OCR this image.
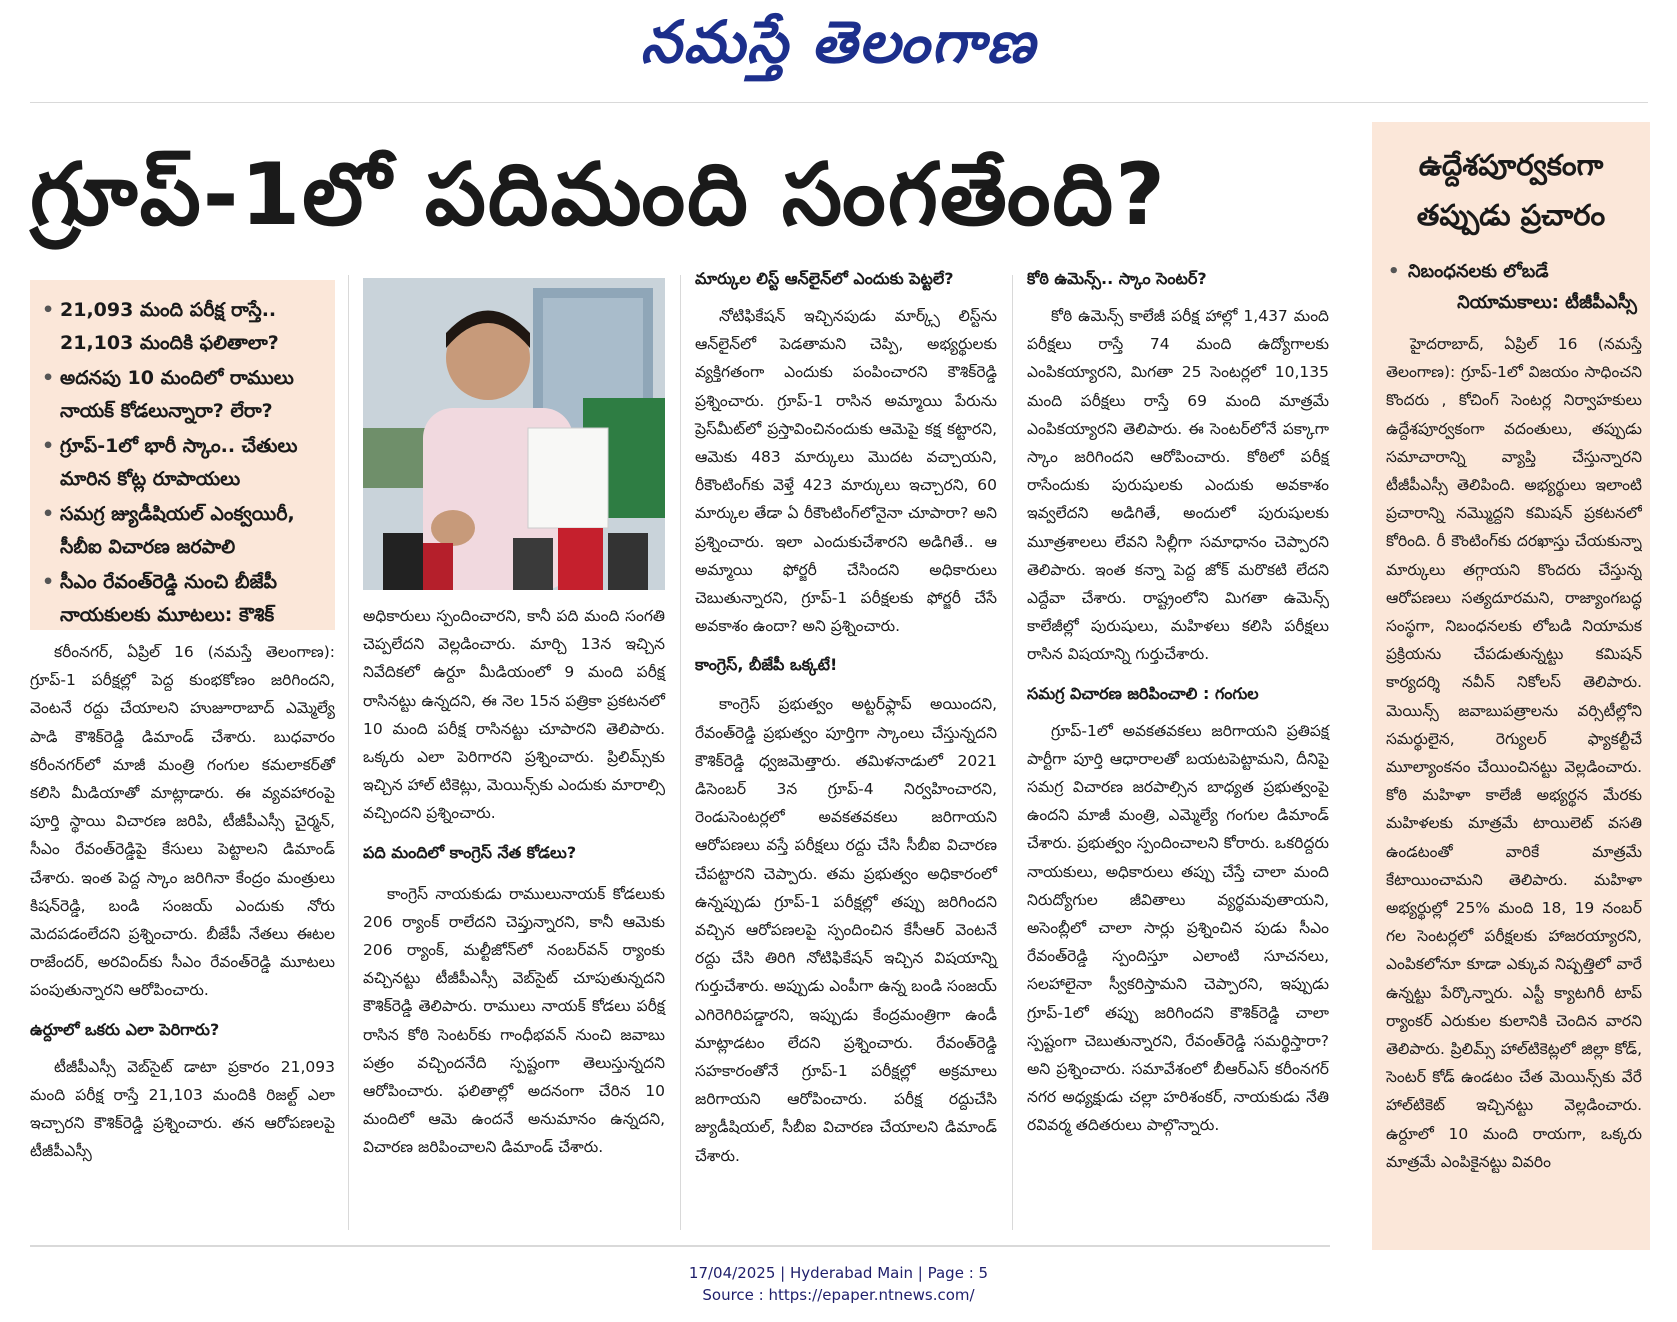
నమస్తే తెలంగాణ
గ్రూప్-1లో పదిమంది సంగతేంది?
• 21,093 మంది పరీక్ష రాస్తే.. 21,103 మందికి ఫలితాలా?
• అదనపు 10 మందిలో రాములు నాయక్ కోడలున్నారా? లేరా?
• గ్రూప్-1లో భారీ స్కాం.. చేతులు మారిన కోట్ల రూపాయలు
• సమగ్ర జ్యుడీషియల్ ఎంక్వయిరీ, సీబీఐ విచారణ జరపాలి
• సీఎం రేవంత్‌రెడ్డి నుంచి బీజేపీ నాయకులకు మూటలు: కౌశిక్

కరీంనగర్, ఏప్రిల్ 16 (నమస్తే తెలంగాణ): గ్రూప్-1 పరీక్షల్లో పెద్ద కుంభకోణం జరిగిందని, వెంటనే రద్దు చేయాలని హుజూరాబాద్ ఎమ్మెల్యే పాడి కౌశిక్‌రెడ్డి డిమాండ్ చేశారు. బుధవారం కరీంనగర్‌లో మాజీ మంత్రి గంగుల కమలాకర్‌తో కలిసి మీడియాతో మాట్లాడారు. ఈ వ్యవహారంపై పూర్తి స్థాయి విచారణ జరిపి, టీజీపీఎస్సీ చైర్మన్, సీఎం రేవంత్‌రెడ్డిపై కేసులు పెట్టాలని డిమాండ్ చేశారు. ఇంత పెద్ద స్కాం జరిగినా కేంద్రం మంత్రులు కిషన్‌రెడ్డి, బండి సంజయ్ ఎందుకు నోరు మెదపడంలేదని ప్రశ్నించారు. బీజేపీ నేతలు ఈటల రాజేందర్, అరవింద్‌కు సీఎం రేవంత్‌రెడ్డి మూటలు పంపుతున్నారని ఆరోపించారు.

ఉర్దూలో ఒకరు ఎలా పెరిగారు?

టీజీపీఎస్సీ వెబ్‌సైట్ డాటా ప్రకారం 21,093 మంది పరీక్ష రాస్తే 21,103 మందికి రిజల్ట్ ఎలా ఇచ్చారని కౌశిక్‌రెడ్డి ప్రశ్నించారు. తన ఆరోపణలపై టీజీపీఎస్సీ

అధికారులు స్పందించారని, కానీ పది మంది సంగతి చెప్పలేదని వెల్లడించారు. మార్చి 13న ఇచ్చిన నివేదికలో ఉర్దూ మీడియంలో 9 మంది పరీక్ష రాసినట్టు ఉన్నదని, ఈ నెల 15న పత్రికా ప్రకటనలో 10 మంది పరీక్ష రాసినట్టు చూపారని తెలిపారు. ఒక్కరు ఎలా పెరిగారని ప్రశ్నించారు. ప్రిలిమ్స్‌కు ఇచ్చిన హాల్ టికెట్లు, మెయిన్స్‌కు ఎందుకు మారాల్సి వచ్చిందని ప్రశ్నించారు.

పది మందిలో కాంగ్రెస్ నేత కోడలు?

కాంగ్రెస్ నాయకుడు రాములునాయక్ కోడలుకు 206 ర్యాంక్ రాలేదని చెప్తున్నారని, కానీ ఆమెకు 206 ర్యాంక్, మల్టీజోన్‌లో నంబర్‌వన్ ర్యాంకు వచ్చినట్టు టీజీపీఎస్సీ వెబ్‌సైట్ చూపుతున్నదని కౌశిక్‌రెడ్డి తెలిపారు. రాములు నాయక్ కోడలు పరీక్ష రాసిన కోఠి సెంటర్‌కు గాంధీభవన్ నుంచి జవాబు పత్రం వచ్చిందనేది స్పష్టంగా తెలుస్తున్నదని ఆరోపించారు. ఫలితాల్లో అదనంగా చేరిన 10 మందిలో ఆమె ఉందనే అనుమానం ఉన్నదని, విచారణ జరిపించాలని డిమాండ్ చేశారు.

మార్కుల లిస్ట్ ఆన్‌లైన్‌లో ఎందుకు పెట్టలే?

నోటిఫికేషన్ ఇచ్చినపుడు మార్క్స్ లిస్ట్‌ను ఆన్‌లైన్‌లో పెడతామని చెప్పి, అభ్యర్థులకు వ్యక్తిగతంగా ఎందుకు పంపించారని కౌశిక్‌రెడ్డి ప్రశ్నించారు. గ్రూప్-1 రాసిన అమ్మాయి పేరును ప్రెస్‌మీట్‌లో ప్రస్తావించినందుకు ఆమెపై కక్ష కట్టారని, ఆమెకు 483 మార్కులు మొదట వచ్చాయని, రీకౌంటింగ్‌కు వెళ్తే 423 మార్కులు ఇచ్చారని, 60 మార్కుల తేడా ఏ రీకౌంటింగ్‌లోనైనా చూపారా? అని ప్రశ్నించారు. ఇలా ఎందుకుచేశారని అడిగితే.. ఆ అమ్మాయి ఫోర్జరీ చేసిందని అధికారులు చెబుతున్నారని, గ్రూప్-1 పరీక్షలకు ఫోర్జరీ చేసే అవకాశం ఉందా? అని ప్రశ్నించారు.

కాంగ్రెస్, బీజేపీ ఒక్కటే!

కాంగ్రెస్ ప్రభుత్వం అట్టర్‌ఫ్లాప్ అయిందని, రేవంత్‌రెడ్డి ప్రభుత్వం పూర్తిగా స్కాంలు చేస్తున్నదని కౌశిక్‌రెడ్డి ధ్వజమెత్తారు. తమిళనాడులో 2021 డిసెంబర్ 3న గ్రూప్-4 నిర్వహించారని, రెండుసెంటర్లలో అవకతవకలు జరిగాయని ఆరోపణలు వస్తే పరీక్షలు రద్దు చేసి సీబీఐ విచారణ చేపట్టారని చెప్పారు. తమ ప్రభుత్వం అధికారంలో ఉన్నప్పుడు గ్రూప్-1 పరీక్షల్లో తప్పు జరిగిందని వచ్చిన ఆరోపణలపై స్పందించిన కేసీఆర్ వెంటనే రద్దు చేసి తిరిగి నోటిఫికేషన్ ఇచ్చిన విషయాన్ని గుర్తుచేశారు. అప్పుడు ఎంపీగా ఉన్న బండి సంజయ్ ఎగిరెగిరిపడ్డారని, ఇప్పుడు కేంద్రమంత్రిగా ఉండీ మాట్లాడటం లేదని ప్రశ్నించారు. రేవంత్‌రెడ్డి సహకారంతోనే గ్రూప్-1 పరీక్షల్లో అక్రమాలు జరిగాయని ఆరోపించారు. పరీక్ష రద్దుచేసి జ్యుడీషియల్, సీబీఐ విచారణ చేయాలని డిమాండ్ చేశారు.

కోఠి ఉమెన్స్.. స్కాం సెంటర్?

కోఠి ఉమెన్స్ కాలేజీ పరీక్ష హాల్లో 1,437 మంది పరీక్షలు రాస్తే 74 మంది ఉద్యోగాలకు ఎంపికయ్యారని, మిగతా 25 సెంటర్లలో 10,135 మంది పరీక్షలు రాస్తే 69 మంది మాత్రమే ఎంపికయ్యారని తెలిపారు. ఈ సెంటర్‌లోనే పక్కాగా స్కాం జరిగిందని ఆరోపించారు. కోఠిలో పరీక్ష రాసేందుకు పురుషులకు ఎందుకు అవకాశం ఇవ్వలేదని అడిగితే, అందులో పురుషులకు మూత్రశాలలు లేవని సిల్లీగా సమాధానం చెప్పారని తెలిపారు. ఇంత కన్నా పెద్ద జోక్ మరొకటి లేదని ఎద్దేవా చేశారు. రాష్ట్రంలోని మిగతా ఉమెన్స్ కాలేజీల్లో పురుషులు, మహిళలు కలిసి పరీక్షలు రాసిన విషయాన్ని గుర్తుచేశారు.

సమగ్ర విచారణ జరిపించాలి : గంగుల

గ్రూప్-1లో అవకతవకలు జరిగాయని ప్రతిపక్ష పార్టీగా పూర్తి ఆధారాలతో బయటపెట్టామని, దీనిపై సమగ్ర విచారణ జరపాల్సిన బాధ్యత ప్రభుత్వంపై ఉందని మాజీ మంత్రి, ఎమ్మెల్యే గంగుల డిమాండ్ చేశారు. ప్రభుత్వం స్పందించాలని కోరారు. ఒకరిద్దరు నాయకులు, అధికారులు తప్పు చేస్తే చాలా మంది నిరుద్యోగుల జీవితాలు వ్యర్థమవుతాయని, అసెంబ్లీలో చాలా సార్లు ప్రశ్నించిన పుడు సీఎం రేవంత్‌రెడ్డి స్పందిస్తూ ఎలాంటి సూచనలు, సలహాలైనా స్వీకరిస్తామని చెప్పారని, ఇప్పుడు గ్రూప్-1లో తప్పు జరిగిందని కౌశిక్‌రెడ్డి చాలా స్పష్టంగా చెబుతున్నారని, రేవంత్‌రెడ్డి సమర్థిస్తారా? అని ప్రశ్నించారు. సమావేశంలో బీఆర్‌ఎస్ కరీంనగర్ నగర అధ్యక్షుడు చల్లా హరిశంకర్, నాయకుడు నేతి రవివర్మ తదితరులు పాల్గొన్నారు.

ఉద్దేశపూర్వకంగా
తప్పుడు ప్రచారం
• నిబంధనలకు లోబడే
నియామకాలు: టీజీపీఎస్సీ

హైదరాబాద్, ఏప్రిల్ 16 (నమస్తే తెలంగాణ): గ్రూప్-1లో విజయం సాధించని కొందరు , కోచింగ్ సెంటర్ల నిర్వాహకులు ఉద్దేశపూర్వకంగా వదంతులు, తప్పుడు సమాచారాన్ని వ్యాప్తి చేస్తున్నారని టీజీపీఎస్సీ తెలిపింది. అభ్యర్థులు ఇలాంటి ప్రచారాన్ని నమ్మొద్దని కమిషన్ ప్రకటనలో కోరింది. రీ కౌంటింగ్‌కు దరఖాస్తు చేయకున్నా మార్కులు తగ్గాయని కొందరు చేస్తున్న ఆరోపణలు సత్యదూరమని, రాజ్యాంగబద్ధ సంస్థగా, నిబంధనలకు లోబడి నియామక ప్రక్రియను చేపడుతున్నట్టు కమిషన్ కార్యదర్శి నవీన్ నికోలస్ తెలిపారు. మెయిన్స్ జవాబుపత్రాలను వర్సిటీల్లోని సమర్థులైన, రెగ్యులర్ ఫ్యాకల్టీచే మూల్యాంకనం చేయించినట్టు వెల్లడించారు. కోఠి మహిళా కాలేజీ అభ్యర్థన మేరకు మహిళలకు మాత్రమే టాయిలెట్ వసతి ఉండటంతో వారికే మాత్రమే కేటాయించామని తెలిపారు. మహిళా అభ్యర్థుల్లో 25% మంది 18, 19 నంబర్ గల సెంటర్లలో పరీక్షలకు హాజరయ్యారని, ఎంపికలోనూ కూడా ఎక్కువ నిష్పత్తిలో వారే ఉన్నట్టు పేర్కొన్నారు. ఎస్టీ క్యాటగిరీ టాప్ ర్యాంకర్ ఎరుకుల కులానికి చెందిన వారని తెలిపారు. ప్రిలిమ్స్ హాల్‌టికెట్లలో జిల్లా కోడ్, సెంటర్ కోడ్ ఉండటం చేత మెయిన్స్‌కు వేరే హాల్‌టికెట్ ఇచ్చినట్టు వెల్లడించారు. ఉర్దూలో 10 మంది రాయగా, ఒక్కరు మాత్రమే ఎంపికైనట్టు వివరిం

17/04/2025 | Hyderabad Main | Page : 5
Source : https://epaper.ntnews.com/
